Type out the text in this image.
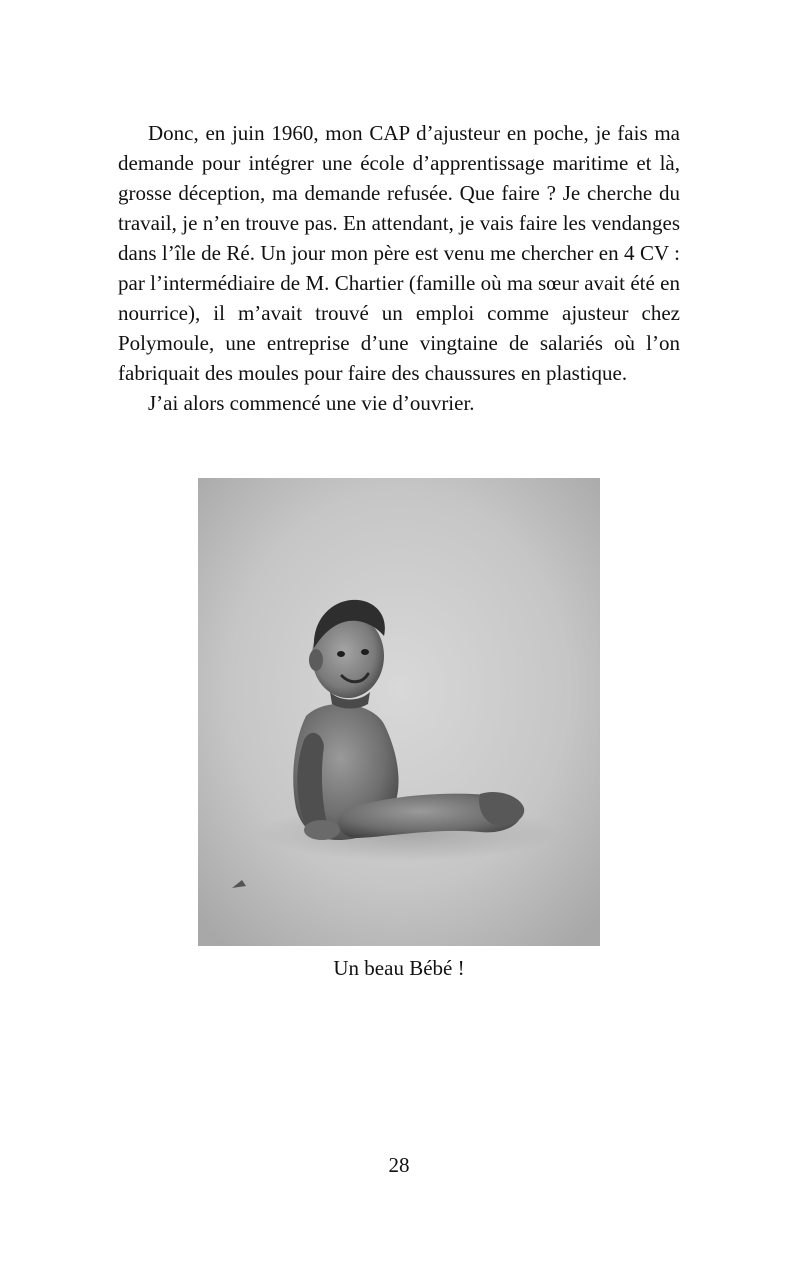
Donc, en juin 1960, mon CAP d’ajusteur en poche, je fais ma demande pour intégrer une école d’apprentissage maritime et là, grosse déception, ma demande refusée. Que faire ? Je cherche du travail, je n’en trouve pas. En attendant, je vais faire les vendanges dans l’île de Ré. Un jour mon père est venu me chercher en 4 CV : par l’intermédiaire de M. Chartier (famille où ma sœur avait été en nourrice), il m’avait trouvé un emploi comme ajusteur chez Polymoule, une entreprise d’une vingtaine de salariés où l’on fabriquait des moules pour faire des chaussures en plastique.

J’ai alors commencé une vie d’ouvrier.

Un beau Bébé !
28
